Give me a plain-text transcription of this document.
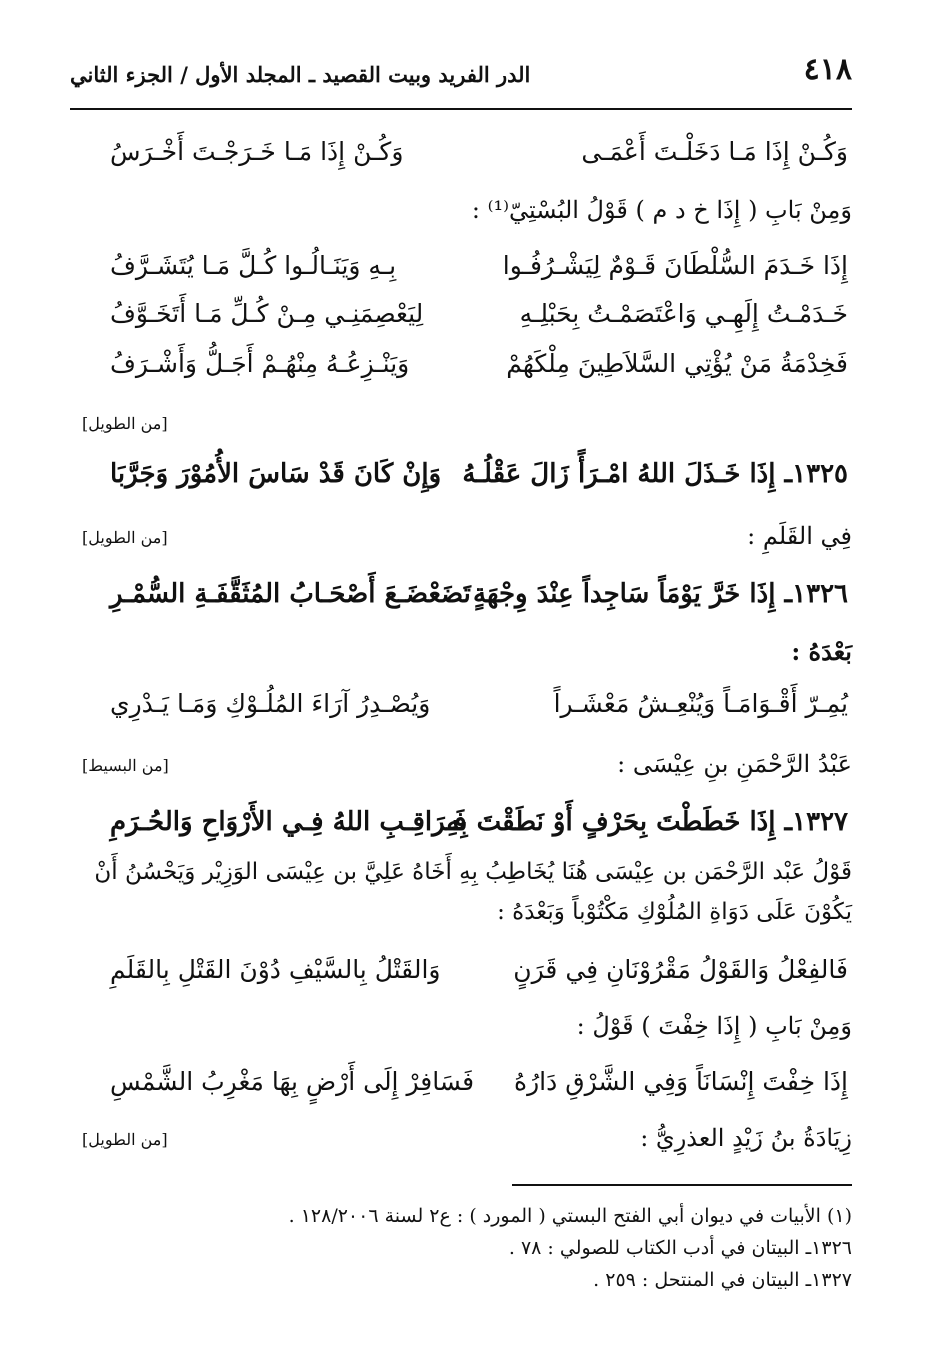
٤١٨
الدر الفريد وبيت القصيد ـ المجلد الأول / الجزء الثاني
وَكُـنْ إِذَا مَـا دَخَلْـتَ أَعْمَـى
وَكُـنْ إِذَا مَـا خَـرَجْـتَ أَخْـرَسُ
وَمِنْ بَابِ ( إِذَا خ د م ) قَوْلُ البُسْتِيّ⁽¹⁾ :
إِذَا خَـدَمَ السُّلْطَانَ قَـوْمٌ لِيَشْـرُفُـوا
بِـهِ وَيَنَـالُـوا كُـلَّ مَـا يُتَشَـرَّفُ
خَـدَمْـتُ إِلَهِـي وَاعْتَصَمْـتُ بِحَبْلِـهِ
لِيَعْصِمَنِـي مِـنْ كُـلِّ مَـا أَتَخَـوَّفُ
فَخِدْمَةُ مَنْ يُؤْتِي السَّلاَطِينَ مِلْكَهُمْ
وَيَنْـزِعُـهُ مِنْهُـمْ أَجَـلُّ وَأَشْـرَفُ
[من الطويل]
١٣٢٥ـ إِذَا خَـذَلَ اللهُ امْـرَأً زَالَ عَقْلُـهُ
وَإِنْ كَانَ قَدْ سَاسَ الأُمُوْرَ وَجَرَّبَا
فِي القَلَمِ :
[من الطويل]
١٣٢٦ـ إِذَا خَرَّ يَوْمَاً سَاجِداً عِنْدَ وِجْهَةٍ
تَضَعْضَـعَ أَصْحَـابُ المُثَقَّفَـةِ السُّمْـرِ
بَعْدَهُ :
يُمِـرّ أَقْـوَامَـاً وَيُنْعِـشُ مَعْشَـراً
وَيُصْـدِرُ آرَاءَ المُلُـوْكِ وَمَـا يَـدْرِي
عَبْدُ الرَّحْمَنِ بنِ عِيْسَى :
[من البسيط]
١٣٢٧ـ إِذَا خَطَطْتَ بِحَرْفٍ أَوْ نَطَقْتَ بِهِ
فَـرَاقِـبِ اللهُ فِـي الأَرْوَاحِ وَالحُـرَمِ
قَوْلُ عَبْد الرَّحْمَن بن عِيْسَى هُنَا يُخَاطِبُ بِهِ أَخَاهُ عَلِيَّ بن عِيْسَى الوَزِيْر وَيَحْسُنُ أَنْ يَكُوْنَ عَلَى دَوَاةِ المُلُوْكِ مَكْتُوْباً وَبَعْدَهُ :
فَالفِعْلُ وَالقَوْلُ مَقْرُوْنَانِ فِي قَرَنٍ
وَالقَتْلُ بِالسَّيْفِ دُوْنَ القَتْلِ بِالقَلَمِ
وَمِنْ بَابِ ( إِذَا خِفْتَ ) قَوْلُ :
إِذَا خِفْتَ إِنْسَانَاً وَفِي الشَّرْقِ دَارُهُ
فَسَافِرْ إِلَى أَرْضٍ بِهَا مَغْرِبُ الشَّمْسِ
زِيَادَةُ بنُ زَيْدٍ العذرِيُّ :
[من الطويل]
(١) الأبيات في ديوان أبي الفتح البستي ( المورد ) : ع٢ لسنة ١٢٨/٢٠٠٦ .
١٣٢٦ـ البيتان في أدب الكتاب للصولي : ٧٨ .
١٣٢٧ـ البيتان في المنتحل : ٢٥٩ .
